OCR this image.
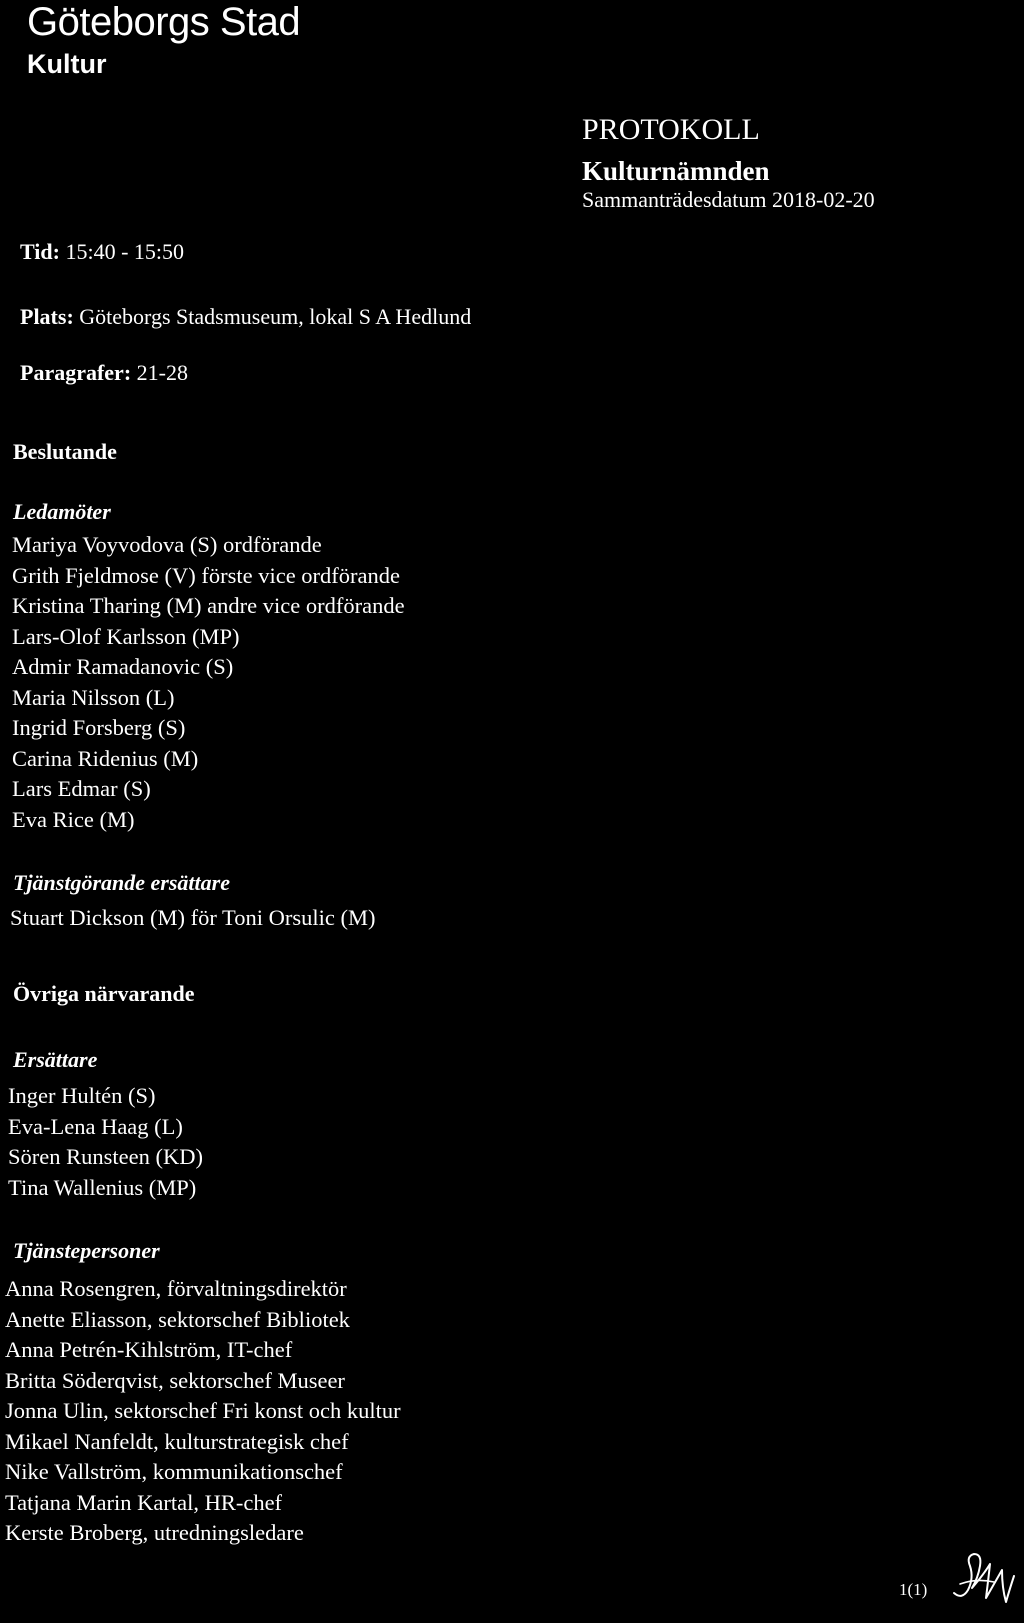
Göteborgs Stad
Kultur
PROTOKOLL
Kulturnämnden
Sammanträdesdatum 2018-02-20
Tid: 15:40 - 15:50
Plats: Göteborgs Stadsmuseum, lokal S A Hedlund
Paragrafer: 21-28
Beslutande
Ledamöter
Mariya Voyvodova (S) ordförande
Grith Fjeldmose (V) förste vice ordförande
Kristina Tharing (M) andre vice ordförande
Lars-Olof Karlsson (MP)
Admir Ramadanovic (S)
Maria Nilsson (L)
Ingrid Forsberg (S)
Carina Ridenius (M)
Lars Edmar (S)
Eva Rice (M)
Tjänstgörande ersättare
Stuart Dickson (M) för Toni Orsulic (M)
Övriga närvarande
Ersättare
Inger Hultén (S)
Eva-Lena Haag (L)
Sören Runsteen (KD)
Tina Wallenius (MP)
Tjänstepersoner
Anna Rosengren, förvaltningsdirektör
Anette Eliasson, sektorschef Bibliotek
Anna Petrén-Kihlström, IT-chef
Britta Söderqvist, sektorschef Museer
Jonna Ulin, sektorschef Fri konst och kultur
Mikael Nanfeldt, kulturstrategisk chef
Nike Vallström, kommunikationschef
Tatjana Marin Kartal, HR-chef
Kerste Broberg, utredningsledare
1(1)
